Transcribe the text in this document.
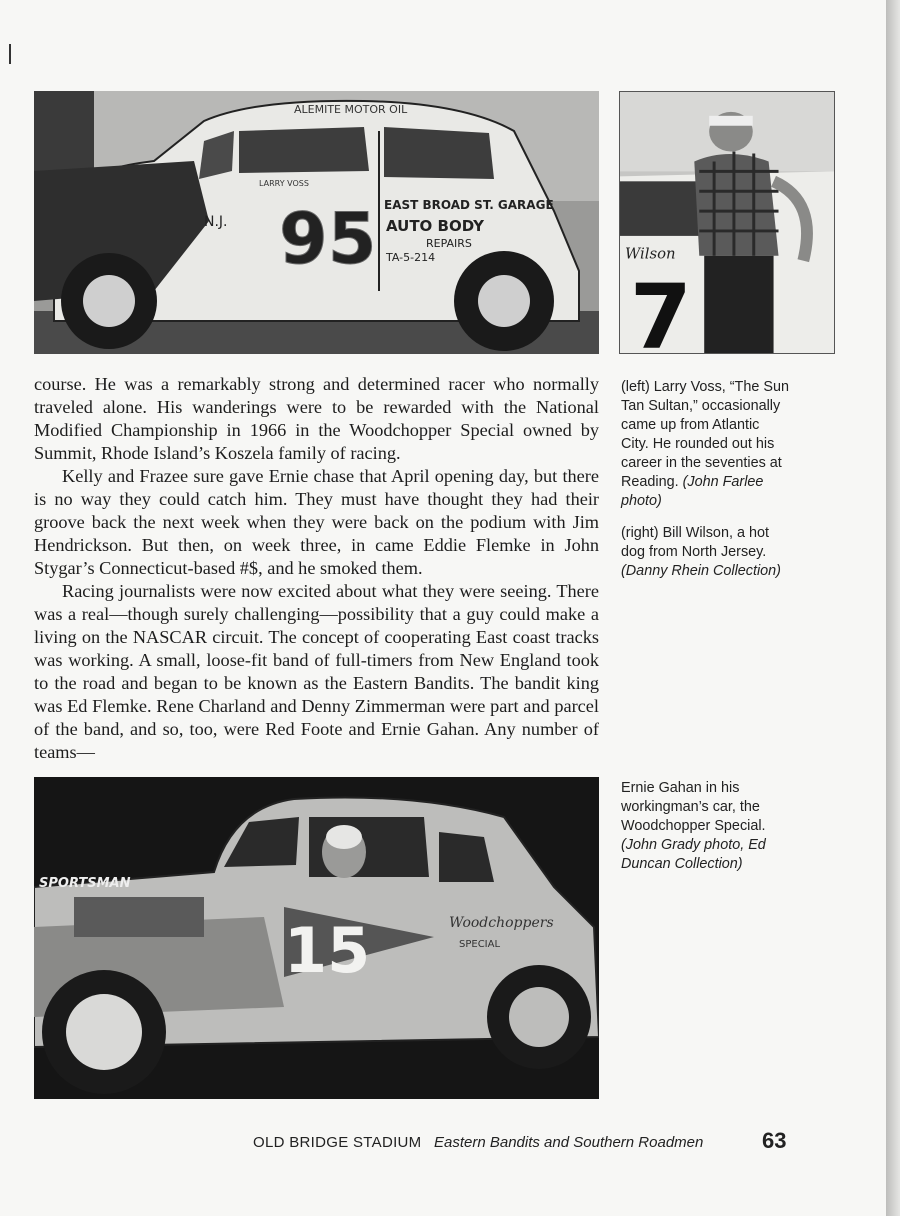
95
ALEMITE MOTOR OIL
EAST BROAD ST. GARAGE
AUTO BODY
REPAIRS
TA-5-214
N.J.
LARRY VOSS
Wilson
7

course. He was a remarkably strong and determined racer who normally traveled alone. His wanderings were to be rewarded with the National Modified Championship in 1966 in the Woodchopper Special owned by Summit, Rhode Island’s Koszela family of racing.

Kelly and Frazee sure gave Ernie chase that April opening day, but there is no way they could catch him. They must have thought they had their groove back the next week when they were back on the podium with Jim Hendrickson. But then, on week three, in came Eddie Flemke in John Stygar’s Connecticut-based #$, and he smoked them.

Racing journalists were now excited about what they were seeing. There was a real—though surely challenging—possibility that a guy could make a living on the NASCAR circuit. The concept of cooperating East coast tracks was working. A small, loose-fit band of full-timers from New England took to the road and began to be known as the Eastern Bandits. The bandit king was Ed Flemke. Rene Charland and Denny Zimmerman were part and parcel of the band, and so, too, were Red Foote and Ernie Gahan. Any number of teams—

(left) Larry Voss, “The Sun Tan Sultan,” occasionally came up from Atlantic City. He rounded out his career in the seventies at Reading. (John Farlee photo)
(right) Bill Wilson, a hot dog from North Jersey. (Danny Rhein Collection)
SPORTSMAN
15	Woodchoppers
SPECIAL
Ernie Gahan in his workingman’s car, the Woodchopper Special. (John Grady photo, Ed Duncan Collection)
OLD BRIDGE STADIUM Eastern Bandits and Southern Roadmen	63
